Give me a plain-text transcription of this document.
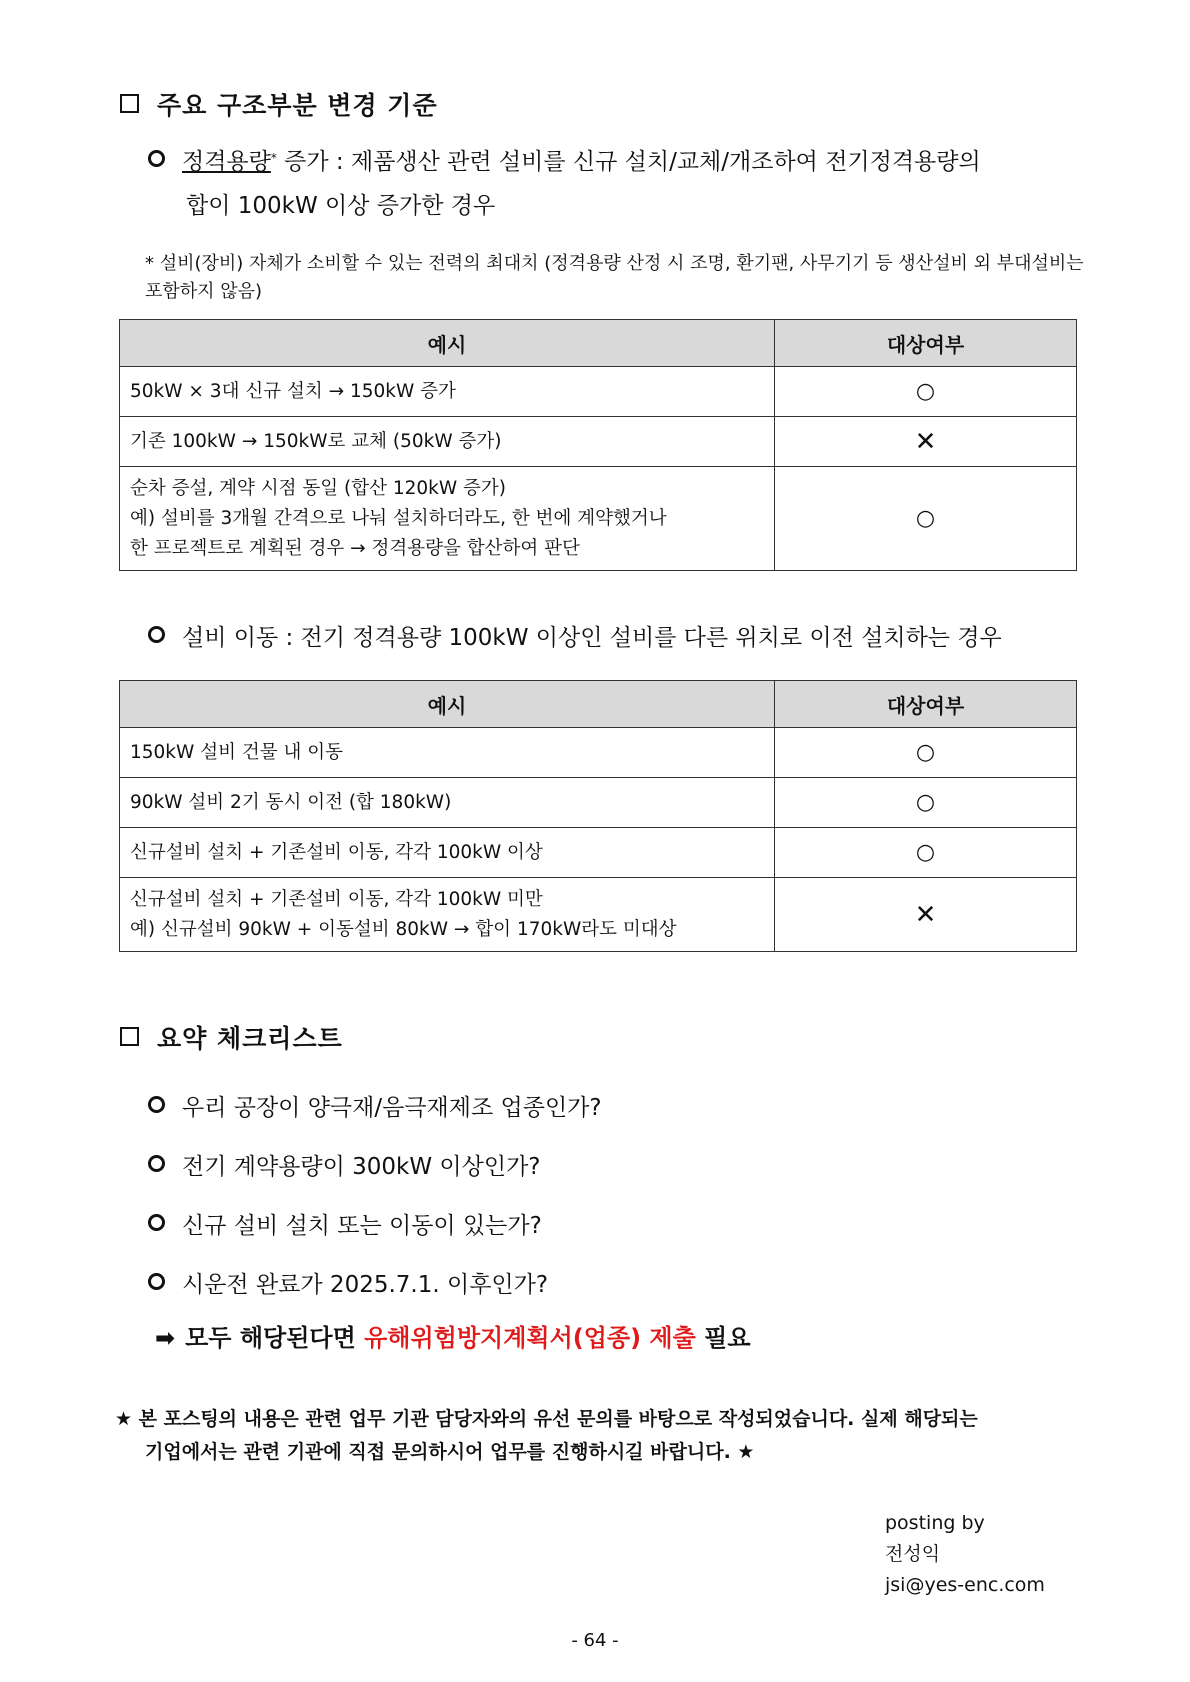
주요 구조부분 변경 기준
정격용량* 증가 : 제품생산 관련 설비를 신규 설치/교체/개조하여 전기정격용량의
합이 100kW 이상 증가한 경우
* 설비(장비) 자체가 소비할 수 있는 전력의 최대치 (정격용량 산정 시 조명, 환기팬, 사무기기 등 생산설비 외 부대설비는 포함하지 않음)
예시	대상여부

50kW × 3대 신규 설치 → 150kW 증가	○

기존 100kW → 150kW로 교체 (50kW 증가)	✕

순차 증설, 계약 시점 동일 (합산 120kW 증가)
예) 설비를 3개월 간격으로 나눠 설치하더라도, 한 번에 계약했거나
한 프로젝트로 계획된 경우 → 정격용량을 합산하여 판단	○
설비 이동 : 전기 정격용량 100kW 이상인 설비를 다른 위치로 이전 설치하는 경우
예시	대상여부

150kW 설비 건물 내 이동	○

90kW 설비 2기 동시 이전 (합 180kW)	○

신규설비 설치 + 기존설비 이동, 각각 100kW 이상	○

신규설비 설치 + 기존설비 이동, 각각 100kW 미만
예) 신규설비 90kW + 이동설비 80kW → 합이 170kW라도 미대상	✕
요약 체크리스트
우리 공장이 양극재/음극재제조 업종인가?
전기 계약용량이 300kW 이상인가?
신규 설비 설치 또는 이동이 있는가?
시운전 완료가 2025.7.1. 이후인가?
➡ 모두 해당된다면 유해위험방지계획서(업종) 제출 필요
★ 본 포스팅의 내용은 관련 업무 기관 담당자와의 유선 문의를 바탕으로 작성되었습니다. 실제 해당되는
기업에서는 관련 기관에 직접 문의하시어 업무를 진행하시길 바랍니다. ★
posting by
전성익
jsi@yes-enc.com
- 64 -
